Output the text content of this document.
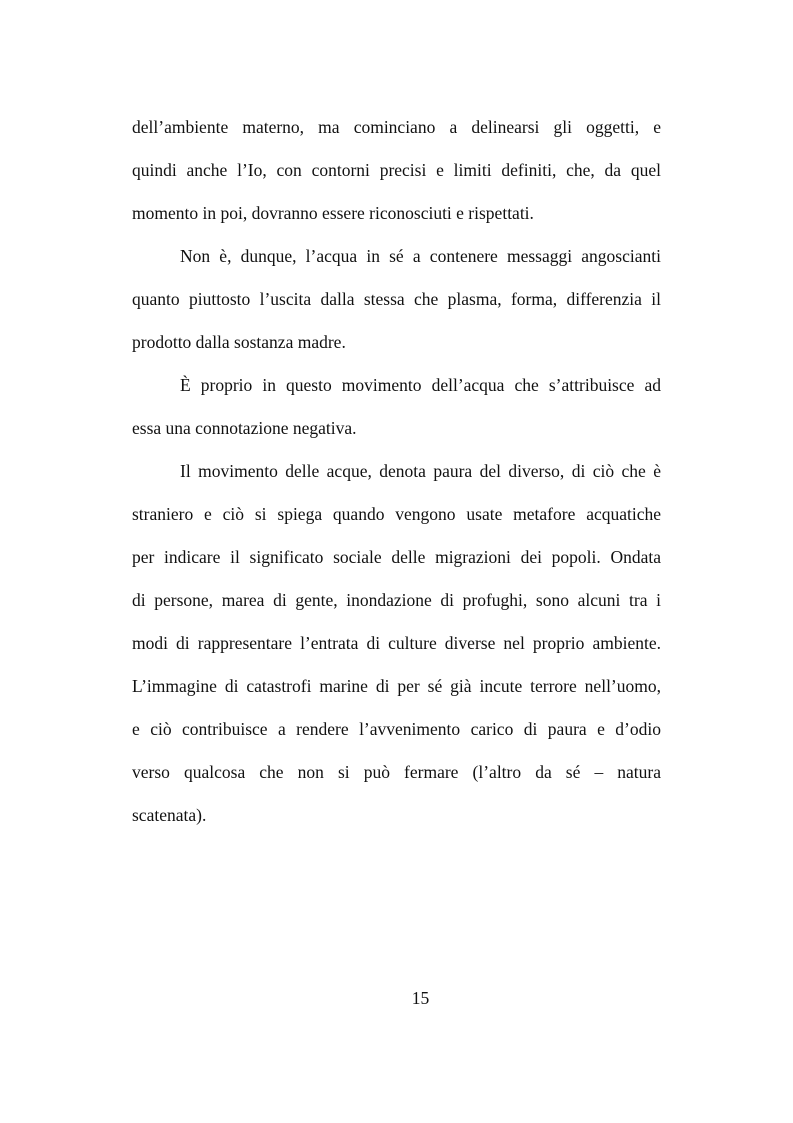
dell’ambiente materno, ma cominciano a delinearsi gli oggetti, e
quindi anche l’Io, con contorni precisi e limiti definiti, che, da quel
momento in poi, dovranno essere riconosciuti e rispettati.
Non è, dunque, l’acqua in sé a contenere messaggi angoscianti
quanto piuttosto l’uscita dalla stessa che plasma, forma, differenzia il
prodotto dalla sostanza madre.
È proprio in questo movimento dell’acqua che s’attribuisce ad
essa una connotazione negativa.
Il movimento delle acque, denota paura del diverso, di ciò che è
straniero e ciò si spiega quando vengono usate metafore acquatiche
per indicare il significato sociale delle migrazioni dei popoli. Ondata
di persone, marea di gente, inondazione di profughi, sono alcuni tra i
modi di rappresentare l’entrata di culture diverse nel proprio ambiente.
L’immagine di catastrofi marine di per sé già incute terrore nell’uomo,
e ciò contribuisce a rendere l’avvenimento carico di paura e d’odio
verso qualcosa che non si può fermare (l’altro da sé – natura
scatenata).
15
